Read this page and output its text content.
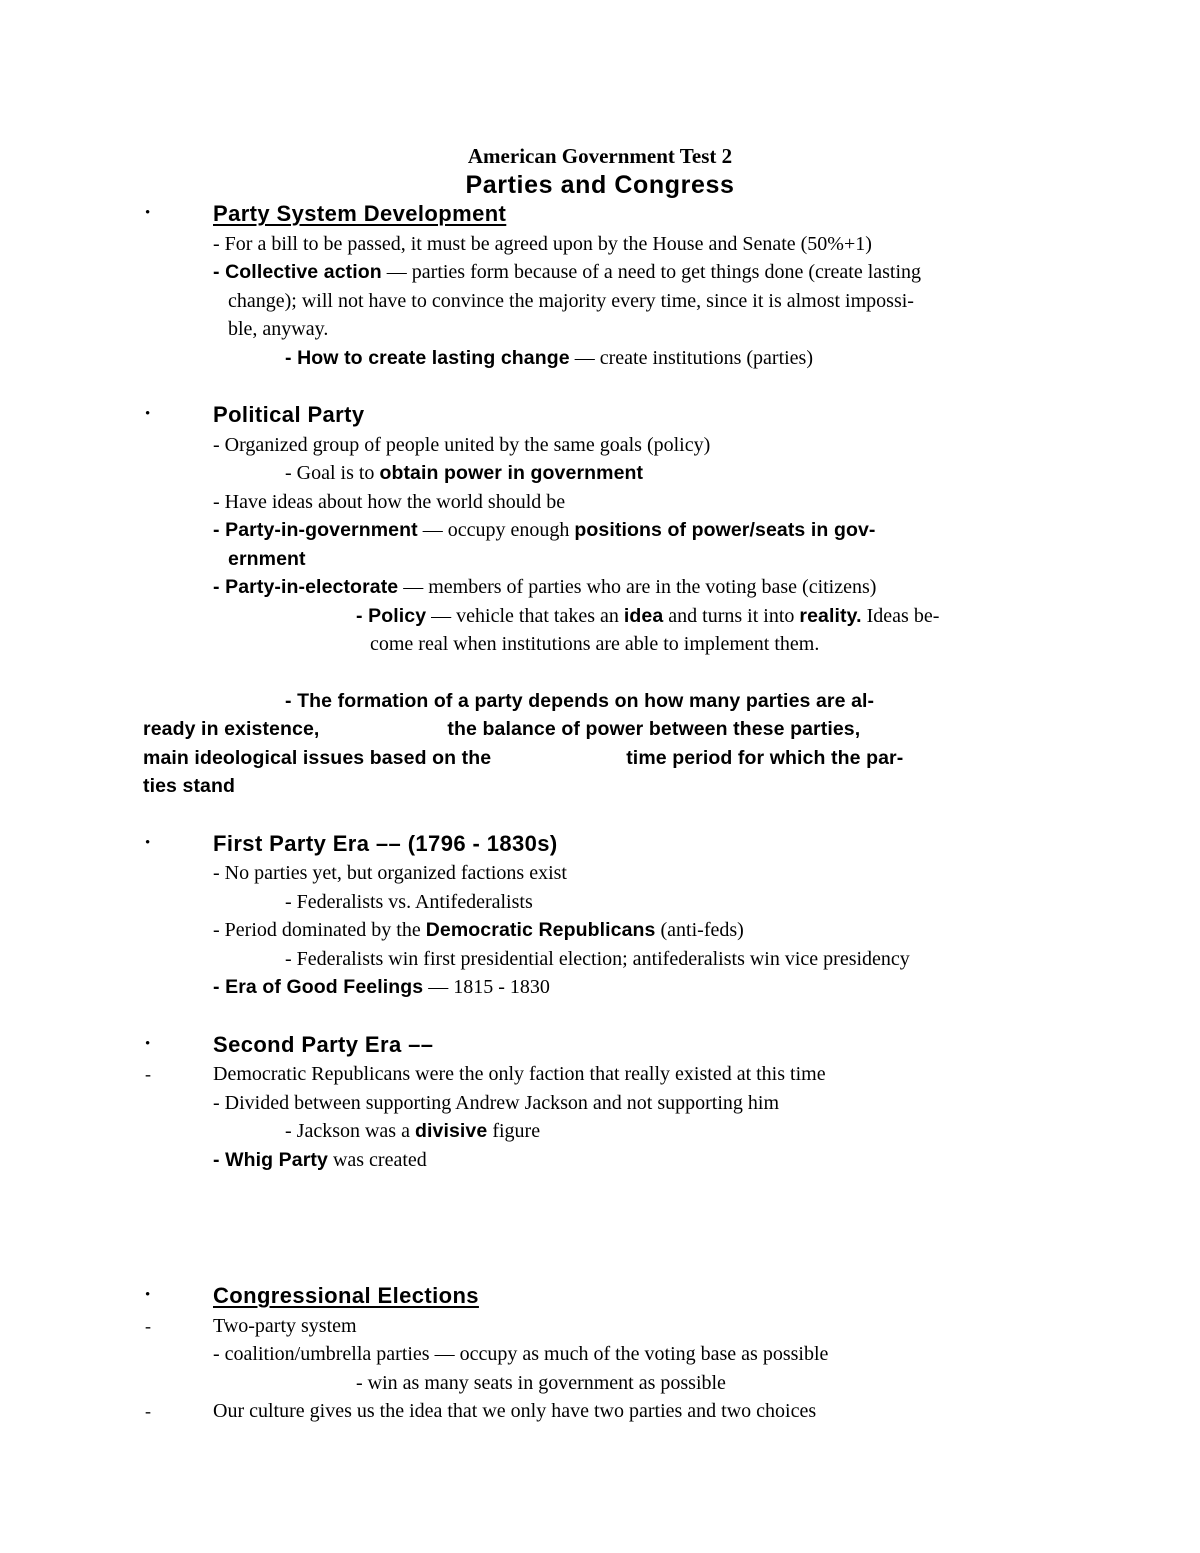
American Government Test 2
Parties and Congress
•	Party System Development
- For a bill to be passed, it must be agreed upon by the House and Senate (50%+1)
- Collective action — parties form because of a need to get things done (create lasting
change); will not have to convince the majority every time, since it is almost impossi-
ble, anyway.
- How to create lasting change — create institutions (parties)
•	Political Party
- Organized group of people united by the same goals (policy)
- Goal is to obtain power in government
- Have ideas about how the world should be
- Party-in-government — occupy enough positions of power/seats in gov-
ernment
- Party-in-electorate — members of parties who are in the voting base (citizens)
- Policy — vehicle that takes an idea and turns it into reality. Ideas be-
come real when institutions are able to implement them.
- The formation of a party depends on how many parties are al-
ready in existence,	the balance of power between these parties,
main ideological issues based on the	time period for which the par-
ties stand
•	First Party Era –– (1796 - 1830s)
- No parties yet, but organized factions exist
- Federalists vs. Antifederalists
- Period dominated by the Democratic Republicans (anti-feds)
- Federalists win first presidential election; antifederalists win vice presidency
- Era of Good Feelings — 1815 - 1830
•	Second Party Era ––
-	Democratic Republicans were the only faction that really existed at this time
- Divided between supporting Andrew Jackson and not supporting him
- Jackson was a divisive figure
- Whig Party was created
•	Congressional Elections
-	Two-party system
- coalition/umbrella parties — occupy as much of the voting base as possible
- win as many seats in government as possible
-	Our culture gives us the idea that we only have two parties and two choices
